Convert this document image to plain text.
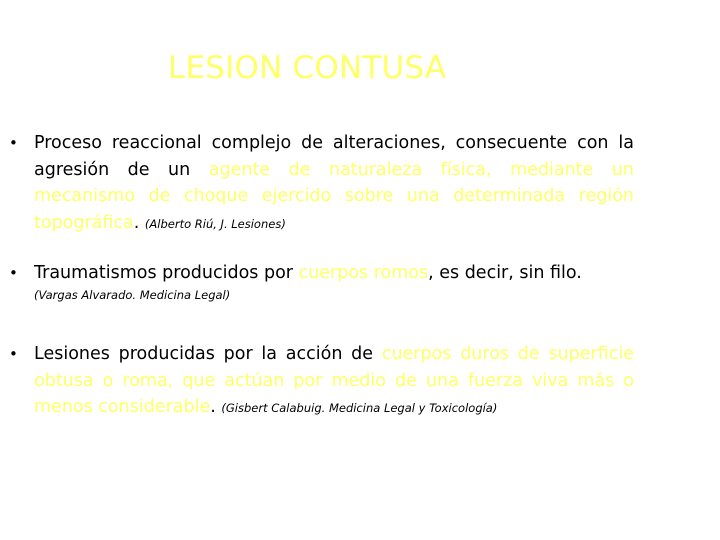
LESION CONTUSA
• Proceso reaccional complejo de alteraciones, consecuente con la agresión de un agente de naturaleza física, mediante un mecanismo de choque ejercido sobre una determinada región topográfica. (Alberto Riú, J. Lesiones)
• Traumatismos producidos por cuerpos romos, es decir, sin filo.
(Vargas Alvarado. Medicina Legal)
• Lesiones producidas por la acción de cuerpos duros de superficie obtusa o roma, que actúan por medio de una fuerza viva más o menos considerable. (Gisbert Calabuig. Medicina Legal y Toxicología)
